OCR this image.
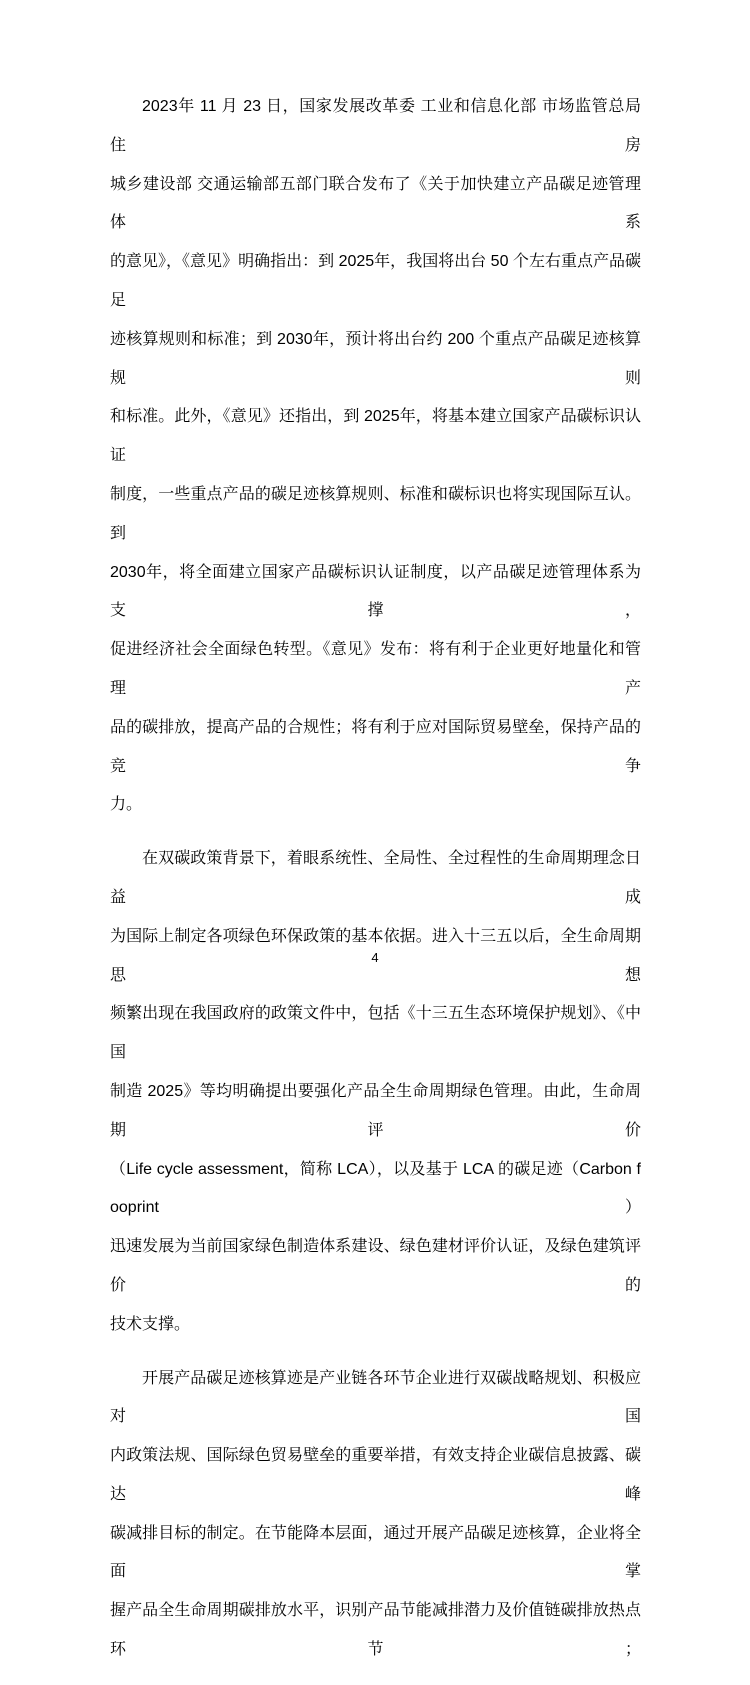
2023年 11 月 23 日，国家发展改革委 工业和信息化部 市场监管总局 住房
城乡建设部 交通运输部五部门联合发布了《关于加快建立产品碳足迹管理体系
的意见》，《意见》明确指出：到 2025年，我国将出台 50 个左右重点产品碳足
迹核算规则和标准；到 2030年，预计将出台约 200 个重点产品碳足迹核算规则
和标准。此外，《意见》还指出，到 2025年，将基本建立国家产品碳标识认证
制度，一些重点产品的碳足迹核算规则、标准和碳标识也将实现国际互认。到
2030年，将全面建立国家产品碳标识认证制度，以产品碳足迹管理体系为支撑，
促进经济社会全面绿色转型。《意见》发布：将有利于企业更好地量化和管理产
品的碳排放，提高产品的合规性；将有利于应对国际贸易壁垒，保持产品的竞争
力。
在双碳政策背景下，着眼系统性、全局性、全过程性的生命周期理念日益成
为国际上制定各项绿色环保政策的基本依据。进入十三五以后，全生命周期思想
频繁出现在我国政府的政策文件中，包括《十三五生态环境保护规划》、《中国
制造 2025》等均明确提出要强化产品全生命周期绿色管理。由此，生命周期评价
（Life cycle assessment，简称 LCA），以及基于 LCA 的碳足迹（Carbon fooprint）
迅速发展为当前国家绿色制造体系建设、绿色建材评价认证，及绿色建筑评价的
技术支撑。
开展产品碳足迹核算迹是产业链各环节企业进行双碳战略规划、积极应对国
内政策法规、国际绿色贸易壁垒的重要举措，有效支持企业碳信息披露、碳达峰
碳减排目标的制定。在节能降本层面，通过开展产品碳足迹核算，企业将全面掌
握产品全生命周期碳排放水平，识别产品节能减排潜力及价值链碳排放热点环节；
4
